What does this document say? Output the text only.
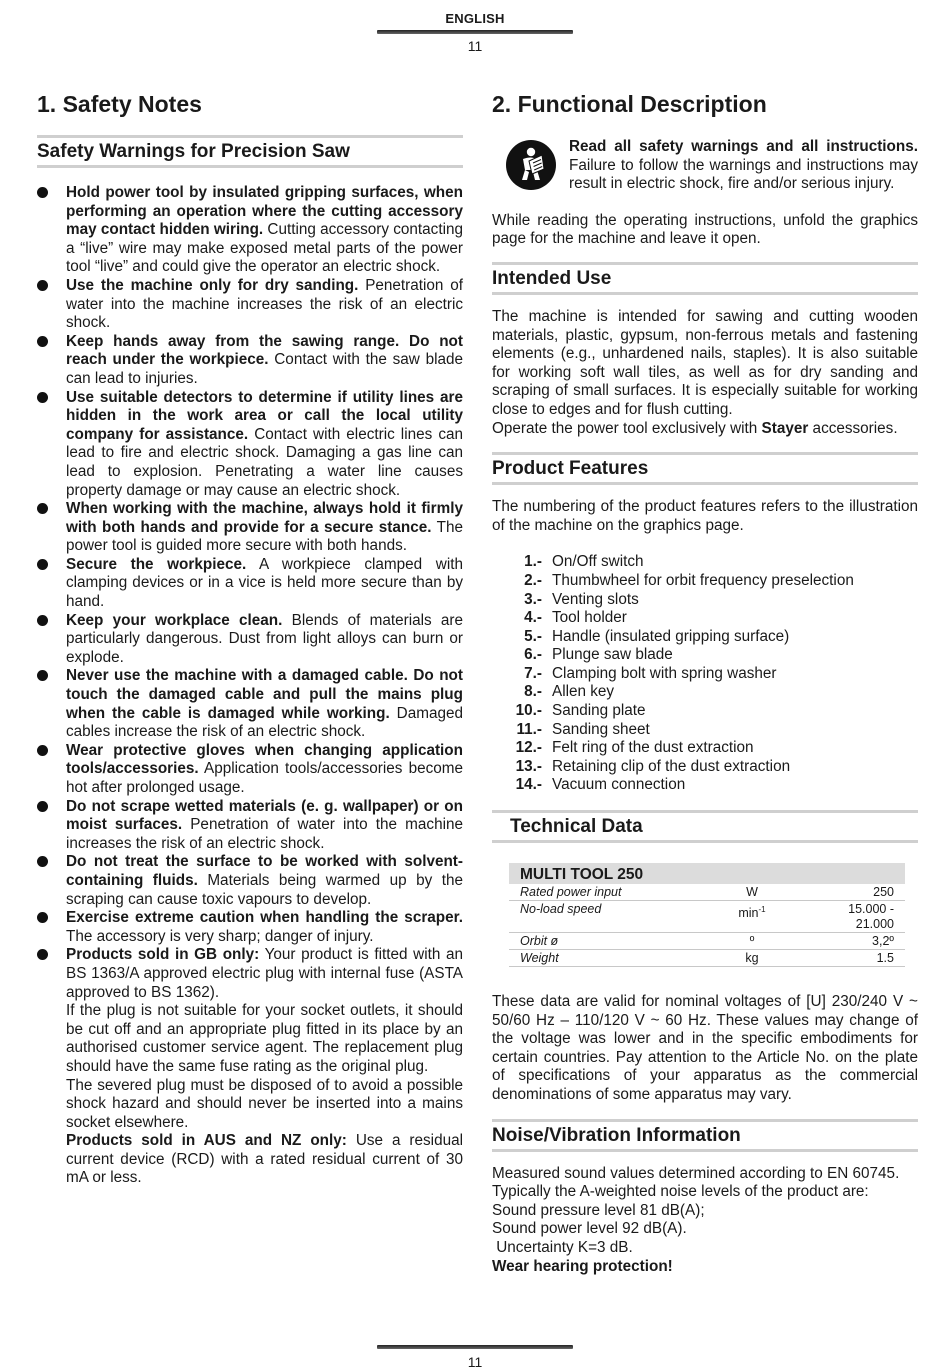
ENGLISH
11
1. Safety Notes
Safety Warnings for Precision Saw
Hold power tool by insulated gripping surfaces, when performing an operation where the cutting accessory may contact hidden wiring. Cutting accessory contacting a “live” wire may make exposed metal parts of the power tool “live” and could give the operator an electric shock.
Use the machine only for dry sanding. Penetration of water into the machine increases the risk of an electric shock.
Keep hands away from the sawing range. Do not reach under the workpiece. Contact with the saw blade can lead to injuries.
Use suitable detectors to determine if utility lines are hidden in the work area or call the local utility company for assistance. Contact with electric lines can lead to fire and electric shock. Damaging a gas line can lead to explosion. Penetrating a water line causes property damage or may cause an electric shock.
When working with the machine, always hold it firmly with both hands and provide for a secure stance. The power tool is guided more secure with both hands.
Secure the workpiece. A workpiece clamped with clamping devices or in a vice is held more secure than by hand.
Keep your workplace clean. Blends of materials are particularly dangerous. Dust from light alloys can burn or explode.
Never use the machine with a damaged cable. Do not touch the damaged cable and pull the mains plug when the cable is damaged while working. Damaged cables increase the risk of an electric shock.
Wear protective gloves when changing application tools/accessories. Application tools/accessories become hot after prolonged usage.
Do not scrape wetted materials (e. g. wallpaper) or on moist surfaces. Penetration of water into the machine increases the risk of an electric shock.
Do not treat the surface to be worked with solvent-containing fluids. Materials being warmed up by the scraping can cause toxic vapours to develop.
Exercise extreme caution when handling the scraper. The accessory is very sharp; danger of injury.
Products sold in GB only: Your product is fitted with an BS 1363/A approved electric plug with internal fuse (ASTA approved to BS 1362).
If the plug is not suitable for your socket outlets, it should be cut off and an appropriate plug fitted in its place by an authorised customer service agent. The replacement plug should have the same fuse rating as the original plug.
The severed plug must be disposed of to avoid a possible shock hazard and should never be inserted into a mains socket elsewhere.
Products sold in AUS and NZ only: Use a residual current device (RCD) with a rated residual current of 30 mA or less.
2. Functional Description
Read all safety warnings and all instructions. Failure to follow the warnings and instructions may result in electric shock, fire and/or serious injury.
While reading the operating instructions, unfold the graphics page for the machine and leave it open.
Intended Use
The machine is intended for sawing and cutting wooden materials, plastic, gypsum, non-ferrous metals and fastening elements (e.g., unhardened nails, staples). It is also suitable for working soft wall tiles, as well as for dry sanding and scraping of small surfaces. It is especially suitable for working close to edges and for flush cutting.
Operate the power tool exclusively with Stayer accessories.
Product Features
The numbering of the product features refers to the illustration of the machine on the graphics page.
1.- On/Off switch
2.- Thumbwheel for orbit frequency preselection
3.- Venting slots
4.- Tool holder
5.- Handle (insulated gripping surface)
6.- Plunge saw blade
7.- Clamping bolt with spring washer
8.- Allen key
10.- Sanding plate
11.- Sanding sheet
12.- Felt ring of the dust extraction
13.- Retaining clip of the dust extraction
14.- Vacuum connection
Technical Data
MULTI TOOL 250
Rated power input	W	250
No-load speed	$\min^{-1}$	15.000 - 21.000
Orbit ø	º	3,2º
Weight	kg	1.5
These data are valid for nominal voltages of [U] 230/240 V ~ 50/60 Hz – 110/120 V ~ 60 Hz. These values may change of the voltage was lower and in the specific embodiments for certain countries. Pay attention to the Article No. on the plate of specifications of your apparatus as the commercial denominations of some apparatus may vary.
Noise/Vibration Information
Measured sound values determined according to EN 60745.
Typically the A-weighted noise levels of the product are:
Sound pressure level 81 dB(A);
Sound power level 92 dB(A).
Uncertainty K=3 dB.
Wear hearing protection!
11
